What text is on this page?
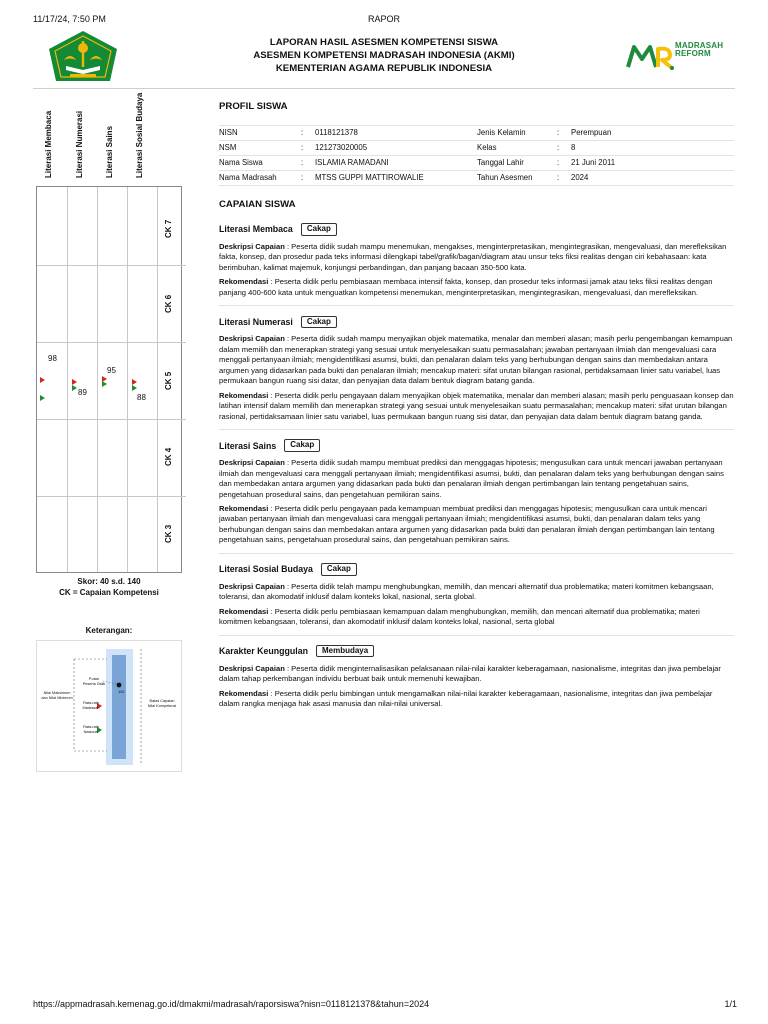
11/17/24, 7:50 PM	RAPOR
https://appmadrasah.kemenag.go.id/dmakmi/madrasah/raporsiswa?nisn=0118121378&tahun=2024	1/1
LAPORAN HASIL ASESMEN KOMPETENSI SISWA
ASESMEN KOMPETENSI MADRASAH INDONESIA (AKMI)
KEMENTERIAN AGAMA REPUBLIK INDONESIA
MADRASAH
REFORM
Literasi Membaca	Literasi Numerasi	Literasi Sains	Literasi Sosial Budaya
CK 7
CK 6
CK 5
CK 4
CK 3
98
89
95
88
Skor: 40 s.d. 140
CK = Capaian Kompetensi
Keterangan:
Nilai Maksimum
dan Nilai Minimum
Posisi
Peserta Didik
110
Rata-rata
Madrasah
Rata-rata
Nasional
Batas Capaian
Nilai Kompetensi
PROFIL SISWA
NISN	:	0118121378	Jenis Kelamin	:	Perempuan
NSM	:	121273020005	Kelas	:	8
Nama Siswa	:	ISLAMIA RAMADANI	Tanggal Lahir	:	21 Juni 2011
Nama Madrasah	:	MTSS GUPPI MATTIROWALIE	Tahun Asesmen	:	2024
CAPAIAN SISWA
Literasi Membaca	Cakap
Deskripsi Capaian : Peserta didik sudah mampu menemukan, mengakses, menginterpretasikan, mengintegrasikan, mengevaluasi, dan merefleksikan fakta, konsep, dan prosedur pada teks informasi dilengkapi tabel/grafik/bagan/diagram atau unsur teks fiksi realitas dengan ciri kebahasaan: kata berimbuhan, kalimat majemuk, konjungsi perbandingan, dan panjang bacaan 350-500 kata.
Rekomendasi : Peserta didik perlu pembiasaan membaca intensif fakta, konsep, dan prosedur teks informasi jamak atau teks fiksi realitas dengan panjang 400-600 kata untuk menguatkan kompetensi menemukan, menginterpretasikan, mengintegrasikan, mengevaluasi, dan merefleksikan.
Literasi Numerasi	Cakap
Deskripsi Capaian : Peserta didik sudah mampu menyajikan objek matematika, menalar dan memberi alasan; masih perlu pengembangan kemampuan dalam memilih dan menerapkan strategi yang sesuai untuk menyelesaikan suatu permasalahan; jawaban pertanyaan ilmiah dan mengevaluasi cara menggali pertanyaan ilmiah; mengidentifikasi asumsi, bukti, dan penalaran dalam teks yang berhubungan dengan sains dan membedakan antara argumen yang didasarkan pada bukti dan penalaran ilmiah; mencakup materi: sifat urutan bilangan rasional, pertidaksamaan linier satu variabel, luas permukaan bangun ruang sisi datar, dan penyajian data dalam bentuk diagram batang ganda.
Rekomendasi : Peserta didik perlu pengayaan dalam menyajikan objek matematika, menalar dan memberi alasan; masih perlu penguasaan konsep dan latihan intensif dalam memilih dan menerapkan strategi yang sesuai untuk menyelesaikan suatu permasalahan; mencakup materi: sifat urutan bilangan rasional, pertidaksamaan linier satu variabel, luas permukaan bangun ruang sisi datar, dan penyajian data dalam bentuk diagram batang ganda.
Literasi Sains	Cakap
Deskripsi Capaian : Peserta didik sudah mampu membuat prediksi dan menggagas hipotesis; mengusulkan cara untuk mencari jawaban pertanyaan ilmiah dan mengevaluasi cara menggali pertanyaan ilmiah; mengidentifikasi asumsi, bukti, dan penalaran dalam teks yang berhubungan dengan sains dan membedakan antara argumen yang didasarkan pada bukti dan penalaran ilmiah dengan pertimbangan lain tentang pengetahuan sains, pengetahuan prosedural sains, dan pengetahuan pemikiran sains.
Rekomendasi : Peserta didik perlu pengayaan pada kemampuan membuat prediksi dan menggagas hipotesis; mengusulkan cara untuk mencari jawaban pertanyaan ilmiah dan mengevaluasi cara menggali pertanyaan ilmiah; mengidentifikasi asumsi, bukti, dan penalaran dalam teks yang berhubungan dengan sains dan membedakan antara argumen yang didasarkan pada bukti dan penalaran ilmiah dengan pertimbangan lain tentang pengetahuan sains, pengetahuan prosedural sains, dan pengetahuan pemikiran sains.
Literasi Sosial Budaya	Cakap
Deskripsi Capaian : Peserta didik telah mampu menghubungkan, memilih, dan mencari alternatif dua problematika; materi komitmen kebangsaan, toleransi, dan akomodatif inklusif dalam konteks lokal, nasional, serta global.
Rekomendasi : Peserta didik perlu pembiasaan kemampuan dalam menghubungkan, memilih, dan mencari alternatif dua problematika; materi komitmen kebangsaan, toleransi, dan akomodatif inklusif dalam konteks lokal, nasional, serta global
Karakter Keunggulan	Membudaya
Deskripsi Capaian : Peserta didik menginternalisasikan pelaksanaan nilai-nilai karakter keberagamaan, nasionalisme, integritas dan jiwa pembelajar dalam tahap perkembangan individu berbuat baik untuk memenuhi kewajiban.
Rekomendasi : Peserta didik perlu bimbingan untuk mengamalkan nilai-nilai karakter keberagamaan, nasionalisme, integritas dan jiwa pembelajar dalam rangka menjaga hak asasi manusia dan nilai-nilai universal.
